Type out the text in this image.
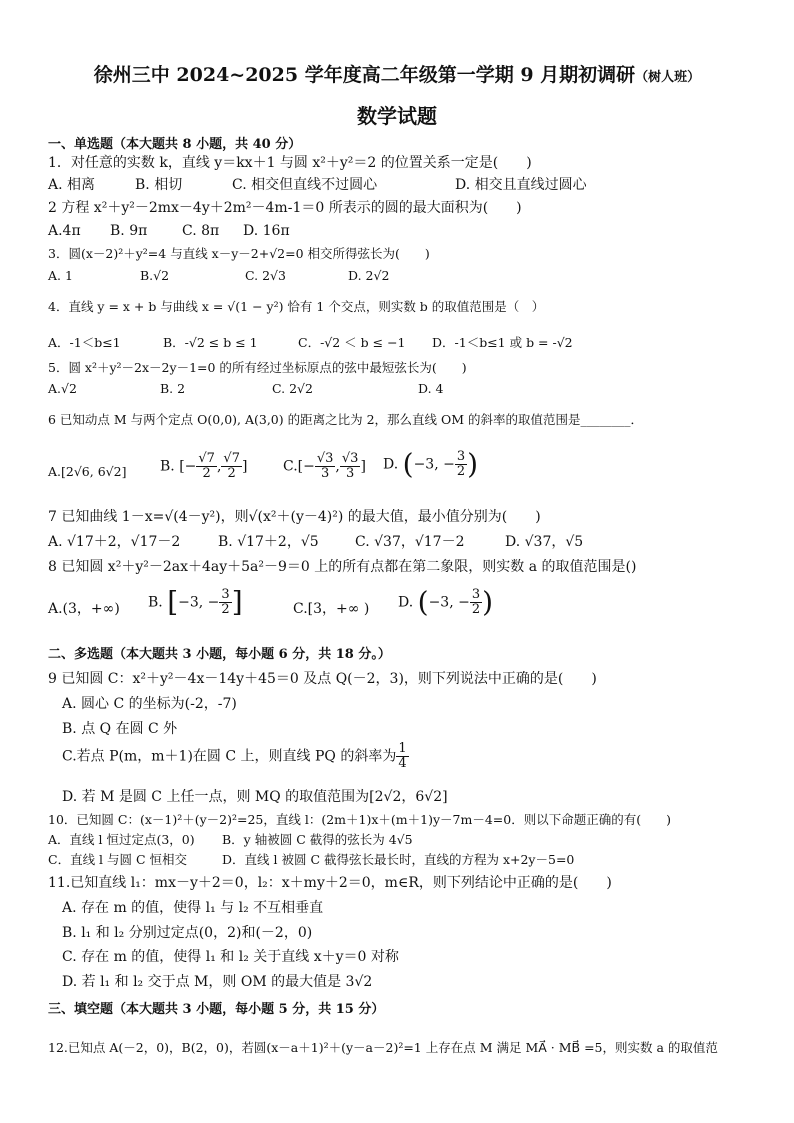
徐州三中 2024~2025 学年度高二年级第一学期 9 月期初调研（树人班）
数学试题
一、单选题（本大题共 8 小题，共 40 分）
1．对任意的实数 k，直线 y＝kx＋1 与圆 x²＋y²＝2 的位置关系一定是(　　)
A. 相离	B. 相切	C. 相交但直线不过圆心	D. 相交且直线过圆心
2 方程 x²＋y²－2mx－4y＋2m²－4m-1＝0 所表示的圆的最大面积为(　　)
A.4π B. 9π C. 8π D. 16π
3．圆(x－2)²＋y²=4 与直线 x－y－2+√2=0 相交所得弦长为(　　)
A. 1	B.√2	C. 2√3	D. 2√2
4．直线 y = x + b 与曲线 x = √(1 − y²) 恰有 1 个交点，则实数 b 的取值范围是（　）
A．-1＜b≤1	B．-√2 ≤ b ≤ 1	C．-√2 ＜ b ≤ −1 D．-1＜b≤1 或 b = -√2
5．圆 x²＋y²－2x－2y－1=0 的所有经过坐标原点的弦中最短弦长为(　　)
A.√2	B. 2	C. 2√2	D. 4
6 已知动点 M 与两个定点 O(0,0), A(3,0) 的距离之比为 2，那么直线 OM 的斜率的取值范围是________．
A.[2√6, 6√2] B. [− $\frac{√7}{2}$ , $\frac{√7}{2}$ ]	$C.[- \frac{√3}{3}$ , $\frac{√3}{3}$ ] D. (−3, − $\frac{3}{2}$ )
7 已知曲线 1－x=√(4－y²)，则√(x²＋(y－4)²) 的最大值，最小值分别为(　　)
A. √17＋2，√17－2	B. √17＋2，√5	C. √37，√17－2	D. √37，√5
8 已知圆 x²＋y²－2ax＋4ay＋5a²－9＝0 上的所有点都在第二象限，则实数 a 的取值范围是()
A.(3，+∞) B. [−3, − $\frac{3}{2}$ ]	C.[3，+∞ ) D. (−3, − $\frac{3}{2}$ )
二、多选题（本大题共 3 小题，每小题 6 分，共 18 分。）
9 已知圆 C：x²＋y²－4x－14y＋45＝0 及点 Q(－2，3)，则下列说法中正确的是(　　)
A. 圆心 C 的坐标为(-2，-7)
B. 点 Q 在圆 C 外
C.若点 P(m，m＋1)在圆 C 上，则直线 PQ 的斜率为 $\frac{1}{4}$
D. 若 M 是圆 C 上任一点，则 MQ 的取值范围为[2√2，6√2]
10．已知圆 C：(x－1)²＋(y－2)²=25，直线 l：(2m＋1)x＋(m＋1)y－7m－4=0．则以下命题正确的有(　　)
A．直线 l 恒过定点(3，0) B．y 轴被圆 C 截得的弦长为 4√5
C．直线 l 与圆 C 恒相交	D．直线 l 被圆 C 截得弦长最长时，直线的方程为 x+2y－5=0
11.已知直线 l₁：mx－y＋2＝0，l₂：x＋my＋2＝0，m∈R，则下列结论中正确的是(　　)
A. 存在 m 的值，使得 l₁ 与 l₂ 不互相垂直
B. l₁ 和 l₂ 分别过定点(0，2)和(－2，0)
C. 存在 m 的值，使得 l₁ 和 l₂ 关于直线 x＋y＝0 对称
D. 若 l₁ 和 l₂ 交于点 M，则 OM 的最大值是 3√2
三、填空题（本大题共 3 小题，每小题 5 分，共 15 分）
12.已知点 A(－2，0)，B(2，0)，若圆(x－a＋1)²＋(y－a－2)²=1 上存在点 M 满足 MA⃗ · MB⃗ =5，则实数 a 的取值范
